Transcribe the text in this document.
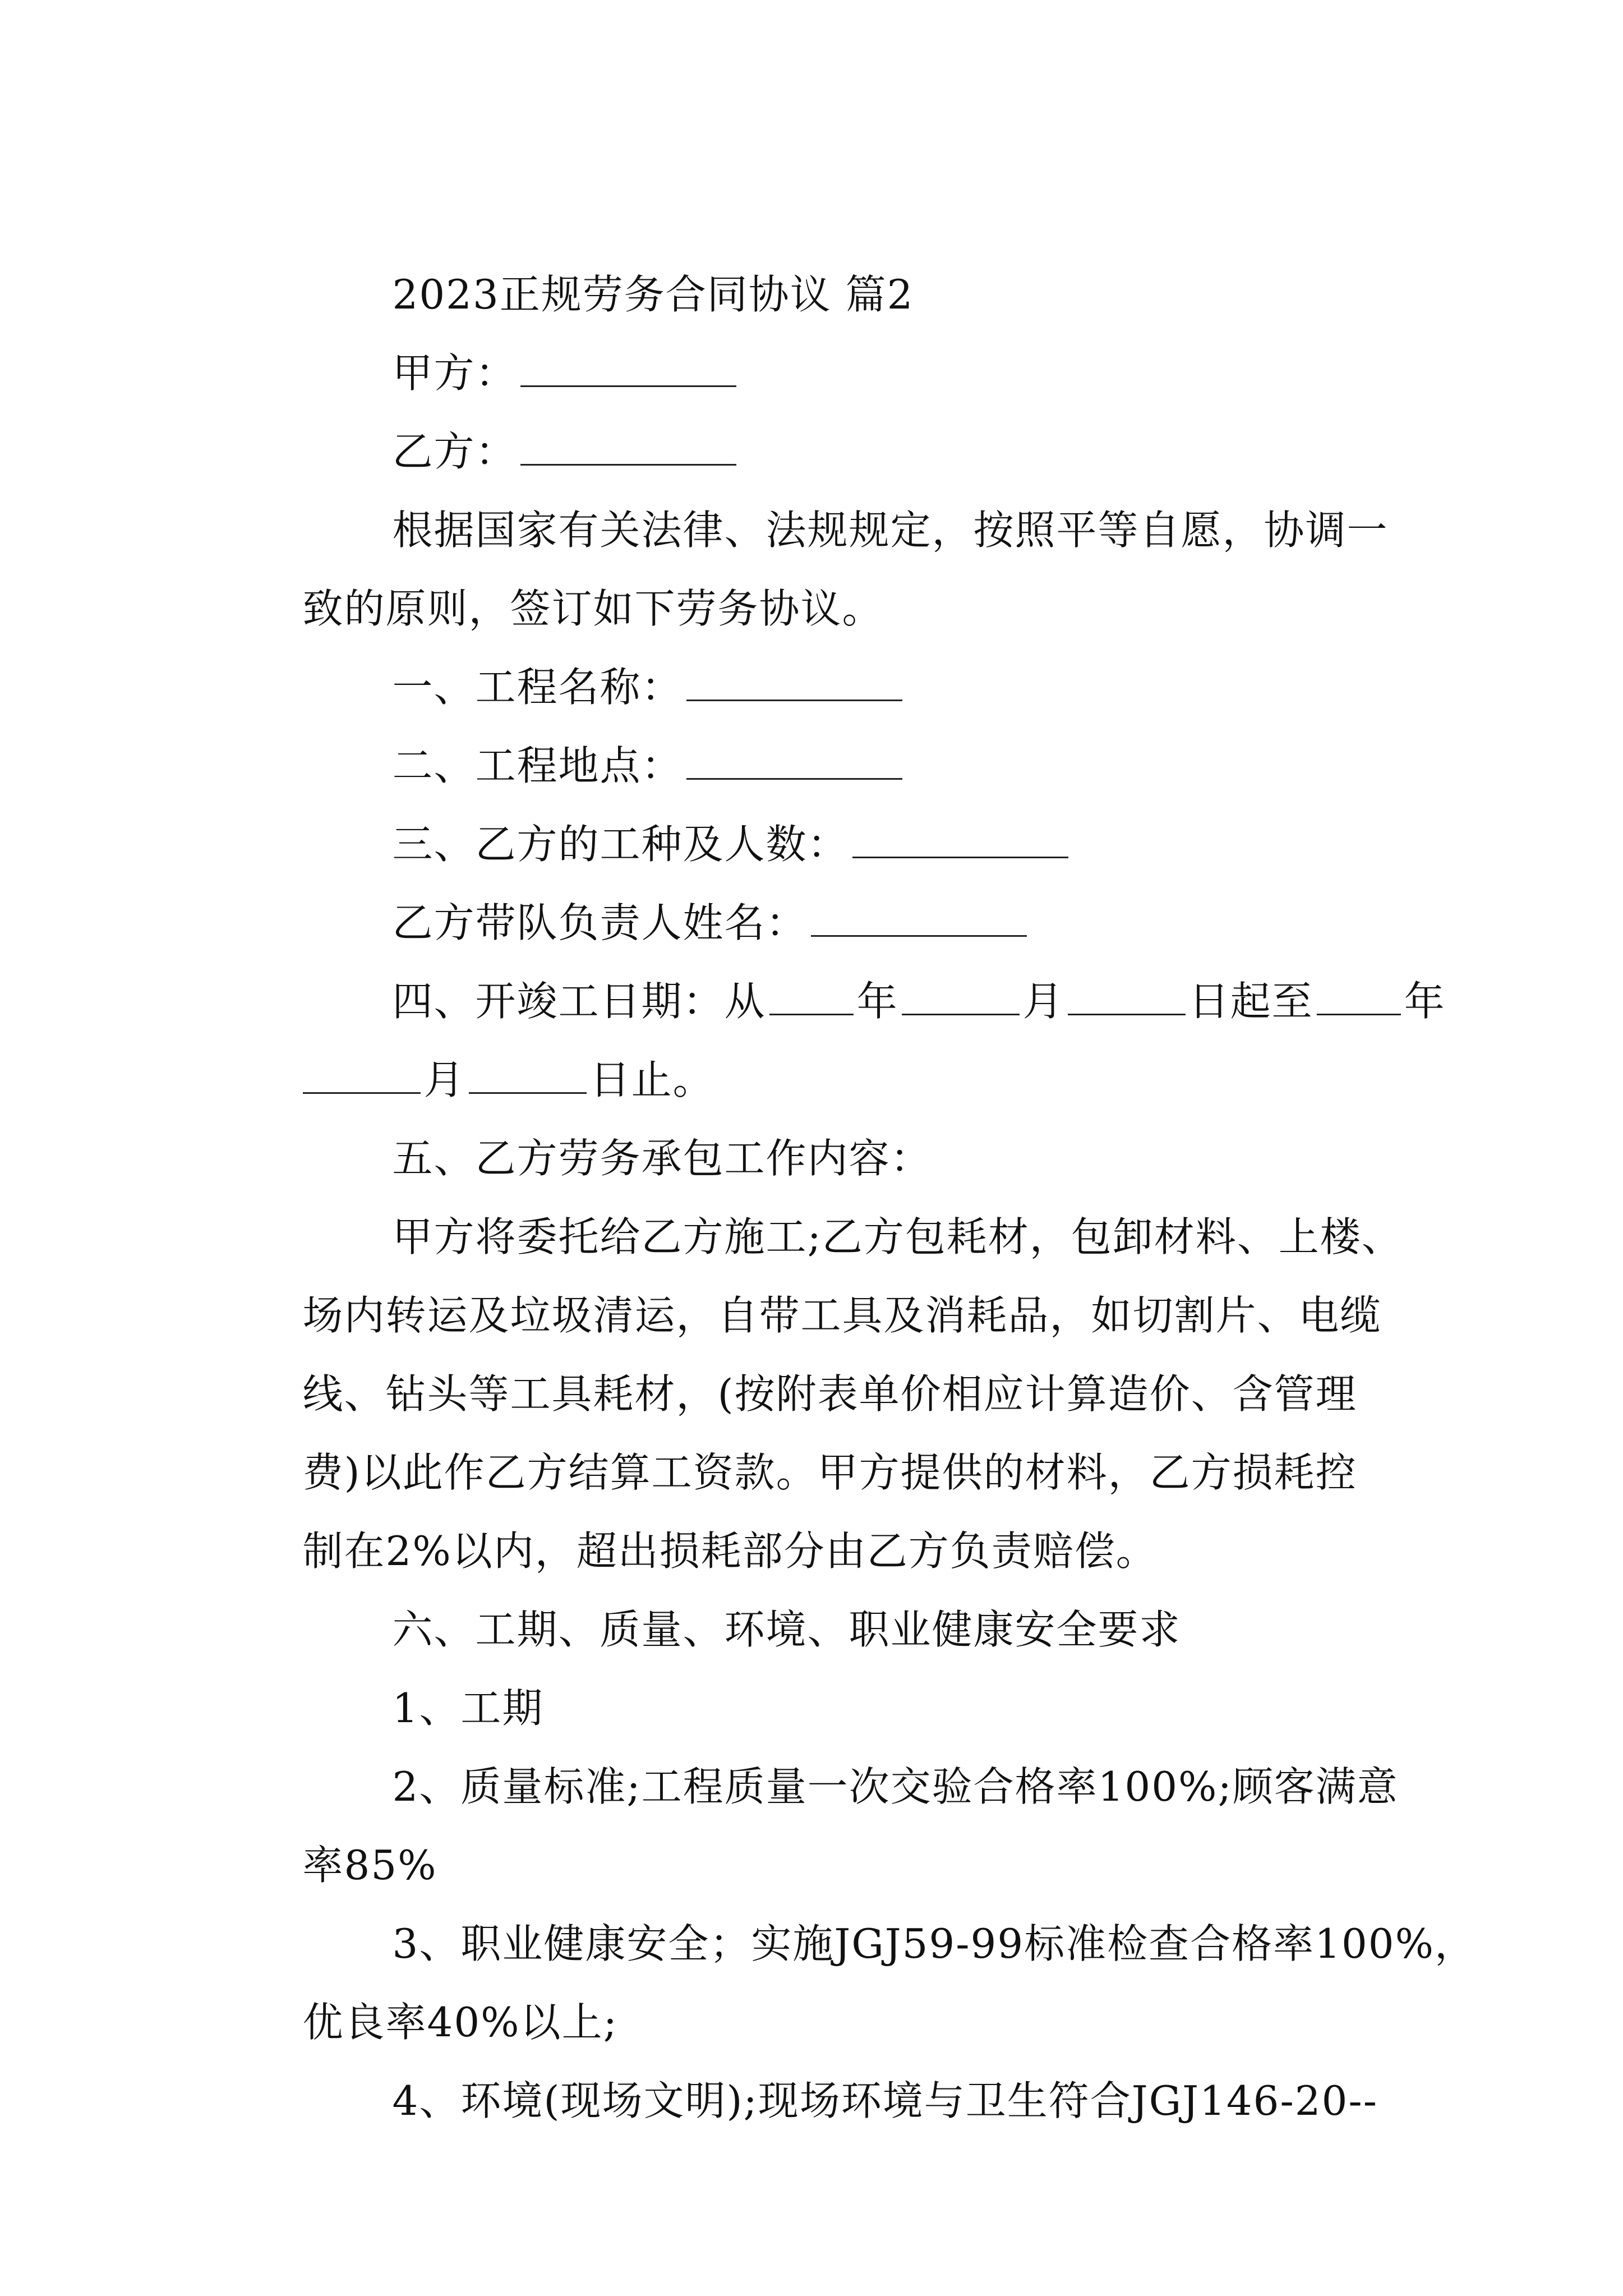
2023正规劳务合同协议 篇2

甲方：

乙方：

根据国家有关法律、法规规定，按照平等自愿，协调一

致的原则，签订如下劳务协议。

一、工程名称：

二、工程地点：

三、乙方的工种及人数：

乙方带队负责人姓名：

四、开竣工日期：从 年	月	日起至 年

月	日止。

五、乙方劳务承包工作内容：

甲方将委托给乙方施工;乙方包耗材，包卸材料、上楼、

场内转运及垃圾清运，自带工具及消耗品，如切割片、电缆

线、钻头等工具耗材，(按附表单价相应计算造价、含管理

费)以此作乙方结算工资款。甲方提供的材料，乙方损耗控

制在2%以内，超出损耗部分由乙方负责赔偿。

六、工期、质量、环境、职业健康安全要求

1、工期

2、质量标准;工程质量一次交验合格率100%;顾客满意

率85%

3、职业健康安全；实施JGJ59-99标准检查合格率100%，

优良率40%以上;

4、环境(现场文明);现场环境与卫生符合JGJ146-20--
